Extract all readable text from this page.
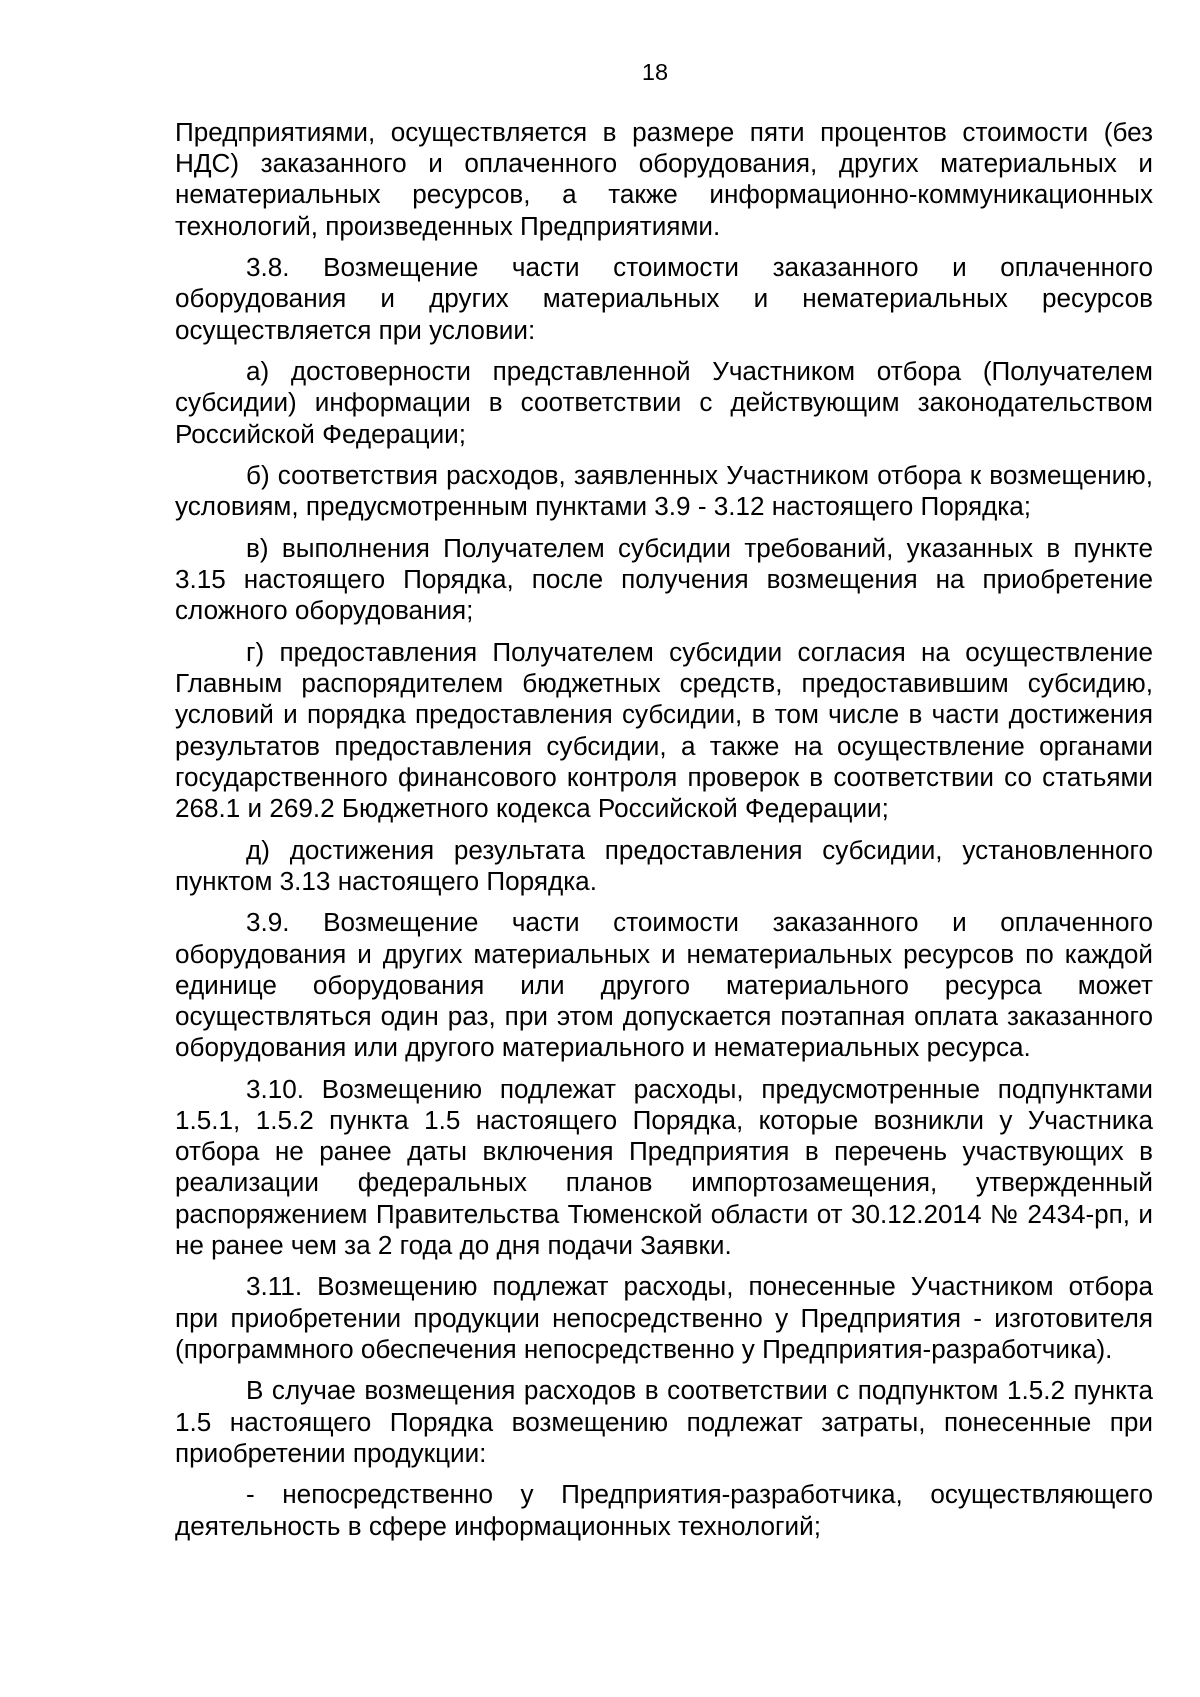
18

Предприятиями, осуществляется в размере пяти процентов стоимости (без НДС) заказанного и оплаченного оборудования, других материальных и нематериальных ресурсов, а также информационно-коммуникационных технологий, произведенных Предприятиями.

3.8. Возмещение части стоимости заказанного и оплаченного оборудования и других материальных и нематериальных ресурсов осуществляется при условии:

а) достоверности представленной Участником отбора (Получателем субсидии) информации в соответствии с действующим законодательством Российской Федерации;

б) соответствия расходов, заявленных Участником отбора к возмещению, условиям, предусмотренным пунктами 3.9 - 3.12 настоящего Порядка;

в) выполнения Получателем субсидии требований, указанных в пункте 3.15 настоящего Порядка, после получения возмещения на приобретение сложного оборудования;

г) предоставления Получателем субсидии согласия на осуществление Главным распорядителем бюджетных средств, предоставившим субсидию, условий и порядка предоставления субсидии, в том числе в части достижения результатов предоставления субсидии, а также на осуществление органами государственного финансового контроля проверок в соответствии со статьями 268.1 и 269.2 Бюджетного кодекса Российской Федерации;

д) достижения результата предоставления субсидии, установленного пунктом 3.13 настоящего Порядка.

3.9. Возмещение части стоимости заказанного и оплаченного оборудования и других материальных и нематериальных ресурсов по каждой единице оборудования или другого материального ресурса может осуществляться один раз, при этом допускается поэтапная оплата заказанного оборудования или другого материального и нематериальных ресурса.

3.10. Возмещению подлежат расходы, предусмотренные подпунктами 1.5.1, 1.5.2 пункта 1.5 настоящего Порядка, которые возникли у Участника отбора не ранее даты включения Предприятия в перечень участвующих в реализации федеральных планов импортозамещения, утвержденный распоряжением Правительства Тюменской области от 30.12.2014 № 2434-рп, и не ранее чем за 2 года до дня подачи Заявки.

3.11. Возмещению подлежат расходы, понесенные Участником отбора при приобретении продукции непосредственно у Предприятия - изготовителя (программного обеспечения непосредственно у Предприятия-разработчика).

В случае возмещения расходов в соответствии с подпунктом 1.5.2 пункта 1.5 настоящего Порядка возмещению подлежат затраты, понесенные при приобретении продукции:

- непосредственно у Предприятия-разработчика, осуществляющего деятельность в сфере информационных технологий;
